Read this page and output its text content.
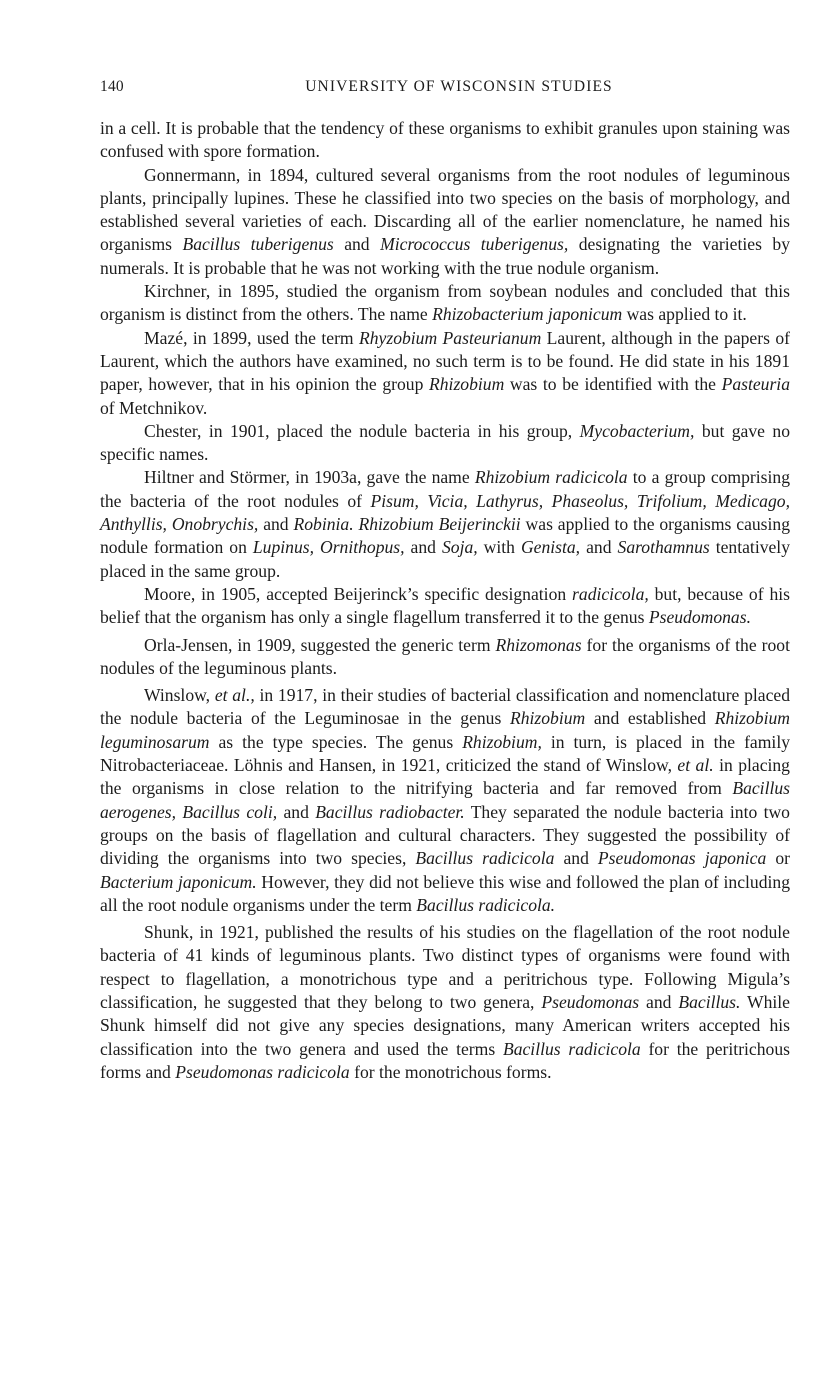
140	UNIVERSITY OF WISCONSIN STUDIES

in a cell. It is probable that the tendency of these organisms to exhibit granules upon staining was confused with spore formation.

Gonnermann, in 1894, cultured several organisms from the root nodules of leguminous plants, principally lupines. These he classified into two species on the basis of morphology, and established several varieties of each. Discarding all of the earlier nomenclature, he named his organisms Bacillus tuberigenus and Micrococcus tuberigenus, designating the varieties by numerals. It is probable that he was not working with the true nodule organism.

Kirchner, in 1895, studied the organism from soybean nodules and concluded that this organism is distinct from the others. The name Rhizobacterium japonicum was applied to it.

Mazé, in 1899, used the term Rhyzobium Pasteurianum Laurent, although in the papers of Laurent, which the authors have examined, no such term is to be found. He did state in his 1891 paper, however, that in his opinion the group Rhizobium was to be identified with the Pasteuria of Metchnikov.

Chester, in 1901, placed the nodule bacteria in his group, Mycobacterium, but gave no specific names.

Hiltner and Störmer, in 1903a, gave the name Rhizobium radicicola to a group comprising the bacteria of the root nodules of Pisum, Vicia, Lathyrus, Phaseolus, Trifolium, Medicago, Anthyllis, Onobrychis, and Robinia. Rhizobium Beijerinckii was applied to the organisms causing nodule formation on Lupinus, Ornithopus, and Soja, with Genista, and Sarothamnus tentatively placed in the same group.

Moore, in 1905, accepted Beijerinck’s specific designation radicicola, but, because of his belief that the organism has only a single flagellum transferred it to the genus Pseudomonas.

Orla-Jensen, in 1909, suggested the generic term Rhizomonas for the organisms of the root nodules of the leguminous plants.

Winslow, et al., in 1917, in their studies of bacterial classification and nomenclature placed the nodule bacteria of the Leguminosae in the genus Rhizobium and established Rhizobium leguminosarum as the type species. The genus Rhizobium, in turn, is placed in the family Nitrobacteriaceae. Löhnis and Hansen, in 1921, criticized the stand of Winslow, et al. in placing the organisms in close relation to the nitrifying bacteria and far removed from Bacillus aerogenes, Bacillus coli, and Bacillus radiobacter. They separated the nodule bacteria into two groups on the basis of flagellation and cultural characters. They suggested the possibility of dividing the organisms into two species, Bacillus radicicola and Pseudomonas japonica or Bacterium japonicum. However, they did not believe this wise and followed the plan of including all the root nodule organisms under the term Bacillus radicicola.

Shunk, in 1921, published the results of his studies on the flagellation of the root nodule bacteria of 41 kinds of leguminous plants. Two distinct types of organisms were found with respect to flagellation, a monotrichous type and a peritrichous type. Following Migula’s classification, he suggested that they belong to two genera, Pseudomonas and Bacillus. While Shunk himself did not give any species designations, many American writers accepted his classification into the two genera and used the terms Bacillus radicicola for the peritrichous forms and Pseudomonas radicicola for the monotrichous forms.
